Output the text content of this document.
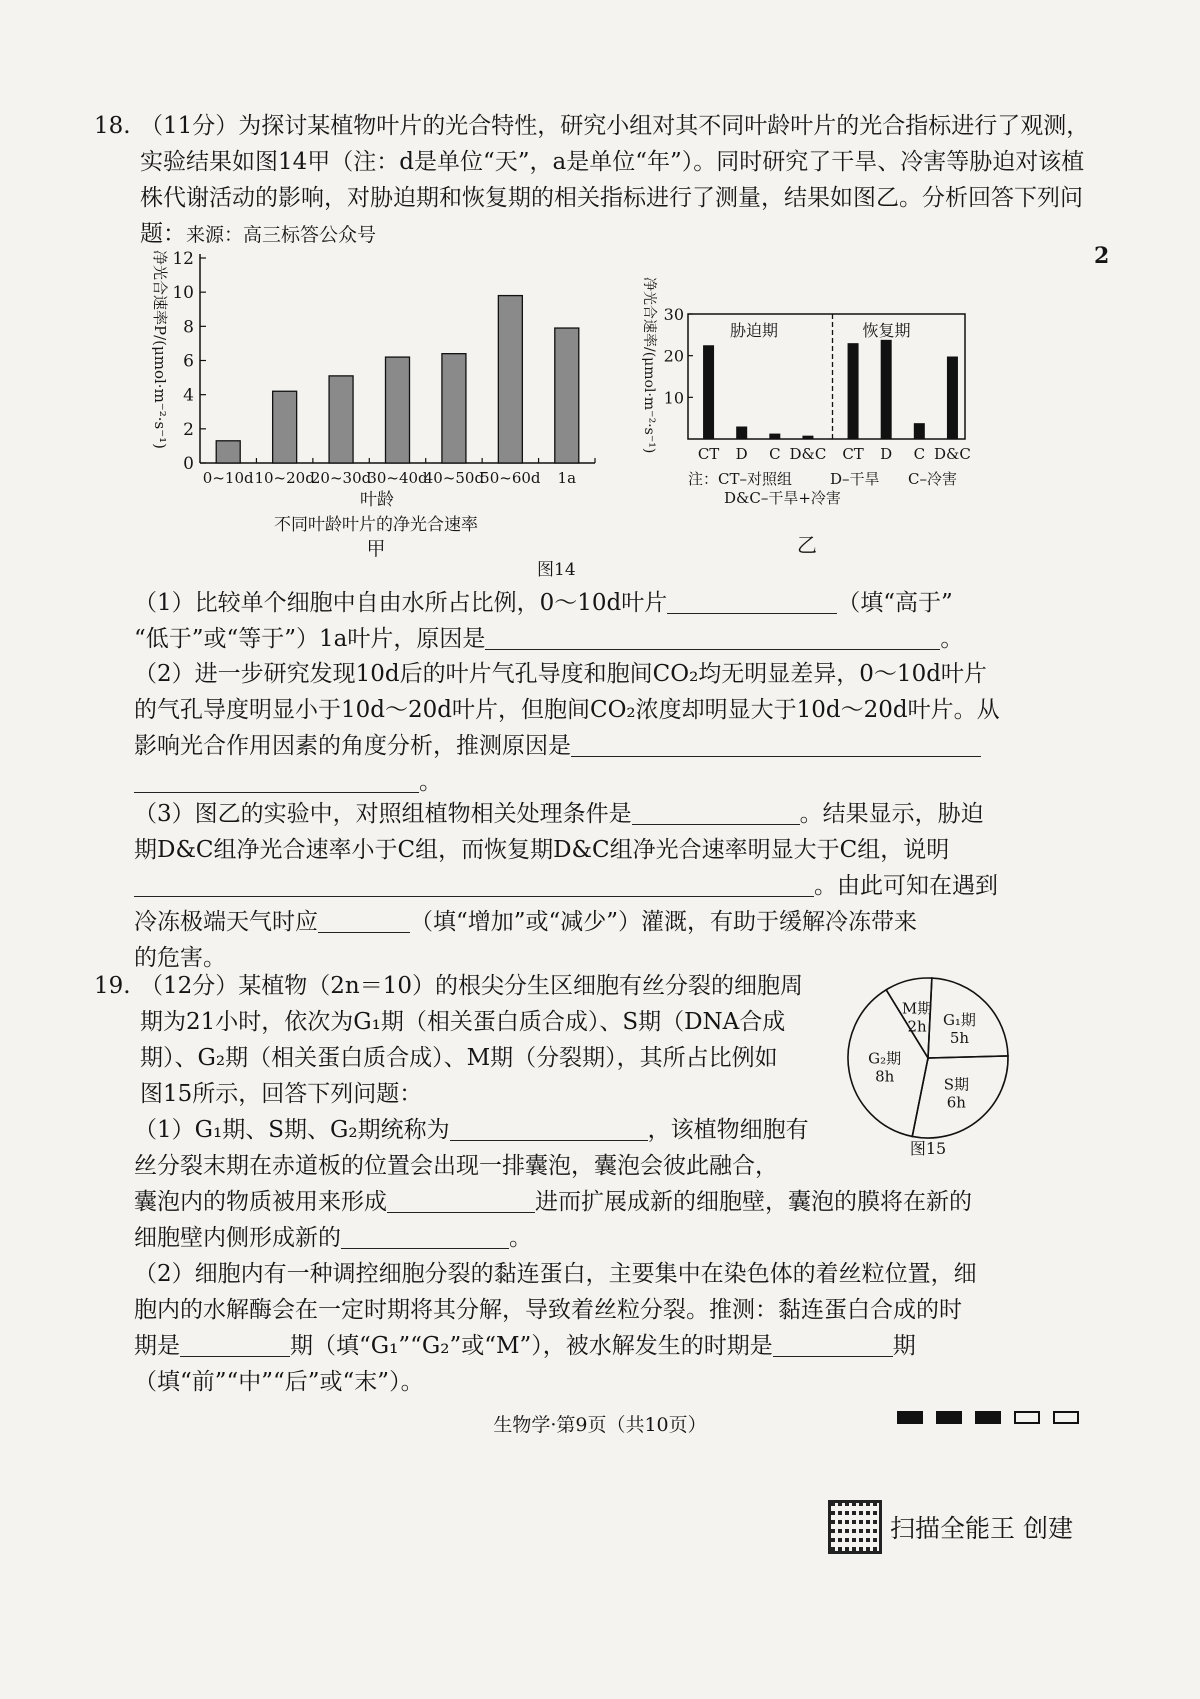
18. （11分）为探讨某植物叶片的光合特性，研究小组对其不同叶龄叶片的光合指标进行了观测，实验结果如图14甲（注：d是单位“天”，a是单位“年”）。同时研究了干旱、冷害等胁迫对该植株代谢活动的影响，对胁迫期和恢复期的相关指标进行了测量，结果如图乙。分析回答下列问题：来源：高三标答公众号
2
0
2
4
6
8
10
12
0~10d 10~20d
20~30d
30~40d
40~50d
50~60d 1a
叶龄
不同叶龄叶片的净光合速率
甲
净光合速率P/(μmol·m⁻²·s⁻¹)	10
20
30
胁迫期
CT D C D&C
恢复期
CT D C D&C
注：CT–对照组	D–干旱
D&C–干旱+冷害
C–冷害
乙
净光合速率/(μmol·m⁻²·s⁻¹)
图14
（1）比较单个细胞中自由水所占比例，0～10d叶片	（填“高于”
“低于”或“等于”）1a叶片，原因是	。
（2）进一步研究发现10d后的叶片气孔导度和胞间CO₂均无明显差异，0～10d叶片
的气孔导度明显小于10d～20d叶片，但胞间CO₂浓度却明显大于10d～20d叶片。从
影响光合作用因素的角度分析，推测原因是
。
（3）图乙的实验中，对照组植物相关处理条件是	。结果显示，胁迫
期D&C组净光合速率小于C组，而恢复期D&C组净光合速率明显大于C组，说明
。由此可知在遇到
冷冻极端天气时应	（填“增加”或“减少”）灌溉，有助于缓解冷冻带来
的危害。
19. （12分）某植物（2n＝10）的根尖分生区细胞有丝分裂的细胞周
期为21小时，依次为G₁期（相关蛋白质合成）、S期（DNA合成
期）、G₂期（相关蛋白质合成）、M期（分裂期），其所占比例如
图15所示，回答下列问题：
M期
2h G₁期
5h
S期
6h
G₂期
8h
图15
（1）G₁期、S期、G₂期统称为	，该植物细胞有
丝分裂末期在赤道板的位置会出现一排囊泡，囊泡会彼此融合，
囊泡内的物质被用来形成	进而扩展成新的细胞壁，囊泡的膜将在新的
细胞壁内侧形成新的	。
（2）细胞内有一种调控细胞分裂的黏连蛋白，主要集中在染色体的着丝粒位置，细
胞内的水解酶会在一定时期将其分解，导致着丝粒分裂。推测：黏连蛋白合成的时
期是	期（填“G₁”“G₂”或“M”），被水解发生的时期是	期
（填“前”“中”“后”或“末”）。
生物学·第9页（共10页）
扫描全能王 创建
